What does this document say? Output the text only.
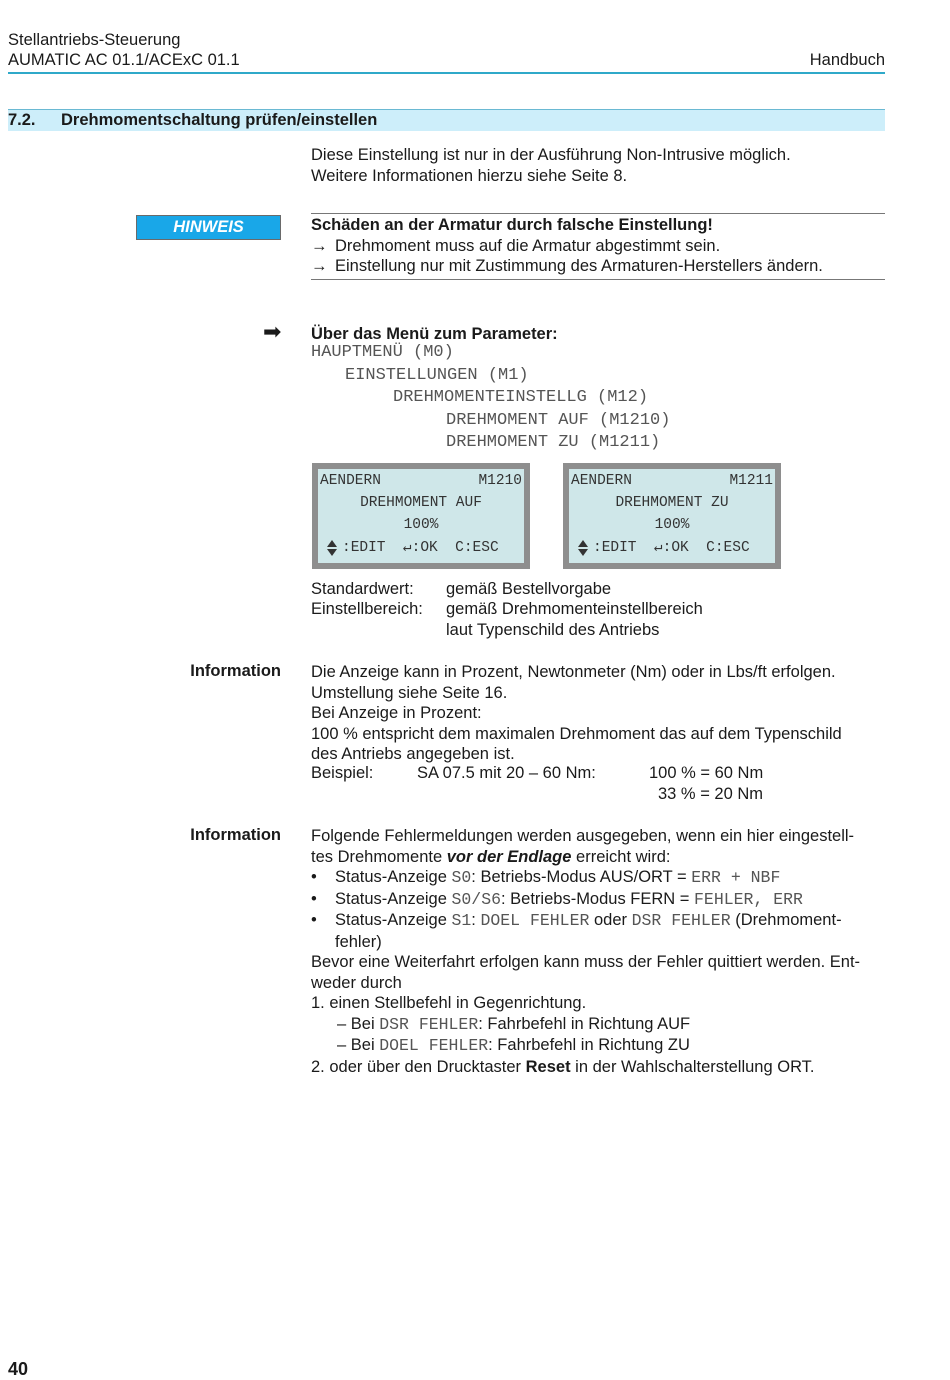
Stellantriebs-Steuerung
AUMATIC AC 01.1/ACExC 01.1	Handbuch
7.2. Drehmomentschaltung prüfen/einstellen
Diese Einstellung ist nur in der Ausführung Non-Intrusive möglich.
Weitere Informationen hierzu siehe Seite 8.
HINWEIS	Schäden an der Armatur durch falsche Einstellung!
→ Drehmoment muss auf die Armatur abgestimmt sein.
→ Einstellung nur mit Zustimmung des Armaturen-Herstellers ändern.
➡ Über das Menü zum Parameter:
HAUPTMENÜ (M0)
EINSTELLUNGEN (M1)
DREHMOMENTEINSTELLG (M12)
DREHMOMENT AUF (M1210)
DREHMOMENT ZU (M1211)
AENDERN	M1210
DREHMOMENT AUF
100%
:EDIT  ↵:OK  C:ESC
AENDERN	M1211
DREHMOMENT ZU
100%
:EDIT  ↵:OK  C:ESC
Standardwert: gemäß Bestellvorgabe
Einstellbereich: gemäß Drehmomenteinstellbereich
laut Typenschild des Antriebs
Information Die Anzeige kann in Prozent, Newtonmeter (Nm) oder in Lbs/ft erfolgen.
Umstellung siehe Seite 16.
Bei Anzeige in Prozent:
100 % entspricht dem maximalen Drehmoment das auf dem Typenschild
des Antriebs angegeben ist.
Beispiel:	SA 07.5 mit 20 – 60 Nm:	100 % = 60 Nm
33 % = 20 Nm
Information Folgende Fehlermeldungen werden ausgegeben, wenn ein hier eingestell-
tes Drehmomente vor der Endlage erreicht wird:
•	Status-Anzeige S0: Betriebs-Modus AUS/ORT = ERR + NBF
•	Status-Anzeige S0/S6: Betriebs-Modus FERN = FEHLER, ERR
•	Status-Anzeige S1: DOEL FEHLER oder DSR FEHLER (Drehmoment-
fehler)
Bevor eine Weiterfahrt erfolgen kann muss der Fehler quittiert werden. Ent-
weder durch
1. einen Stellbefehl in Gegenrichtung.
– Bei DSR FEHLER: Fahrbefehl in Richtung AUF
– Bei DOEL FEHLER: Fahrbefehl in Richtung ZU
2. oder über den Drucktaster Reset in der Wahlschalterstellung ORT.
40
